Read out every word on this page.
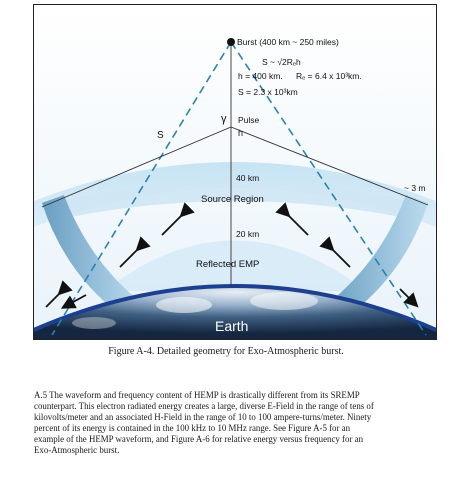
Burst (400 km ~ 250 miles)
S ~ √2Rₑh
h = 400 km. Rₑ = 6.4 x 10³km.
S = 2.3 x 10³km
S
γ Pulse
h
40 km
Source Region
20 km
Reflected EMP
Earth
~ 3 m
Figure A-4. Detailed geometry for Exo-Atmospheric burst.
A.5 The waveform and frequency content of HEMP is drastically different from its SREMP
counterpart. This electron radiated energy creates a large, diverse E-Field in the range of tens of
kilovolts/meter and an associated H-Field in the range of 10 to 100 ampere-turns/meter. Ninety
percent of its energy is contained in the 100 kHz to 10 MHz range. See Figure A-5 for an
example of the HEMP waveform, and Figure A-6 for relative energy versus frequency for an
Exo-Atmospheric burst.
